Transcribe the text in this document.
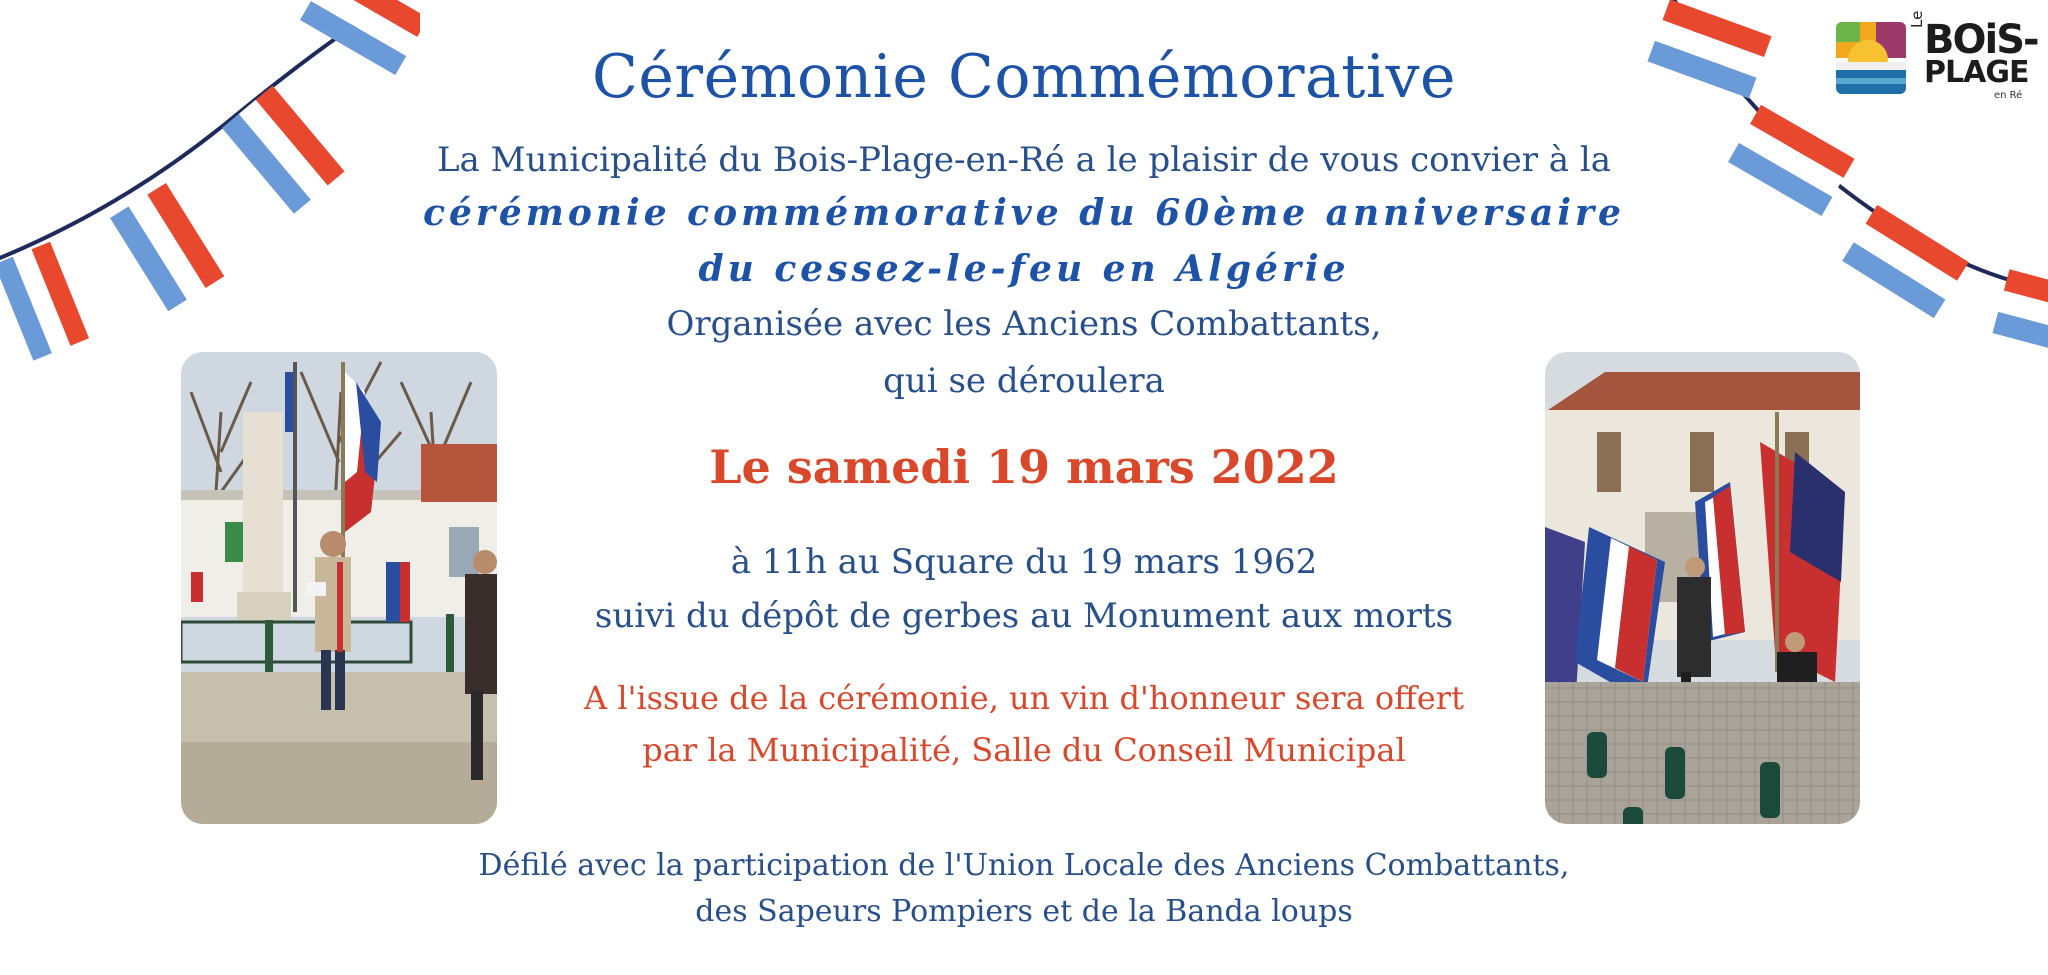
Le
BOiS-
PLAGE
en Ré
Cérémonie Commémorative
La Municipalité du Bois-Plage-en-Ré a le plaisir de vous convier à la
cérémonie commémorative du 60ème anniversaire
du cessez-le-feu en Algérie
Organisée avec les Anciens Combattants,
qui se déroulera
Le samedi 19 mars 2022
à 11h au Square du 19 mars 1962
suivi du dépôt de gerbes au Monument aux morts
A l'issue de la cérémonie, un vin d'honneur sera offert
par la Municipalité, Salle du Conseil Municipal
Défilé avec la participation de l'Union Locale des Anciens Combattants,
des Sapeurs Pompiers et de la Banda loups
